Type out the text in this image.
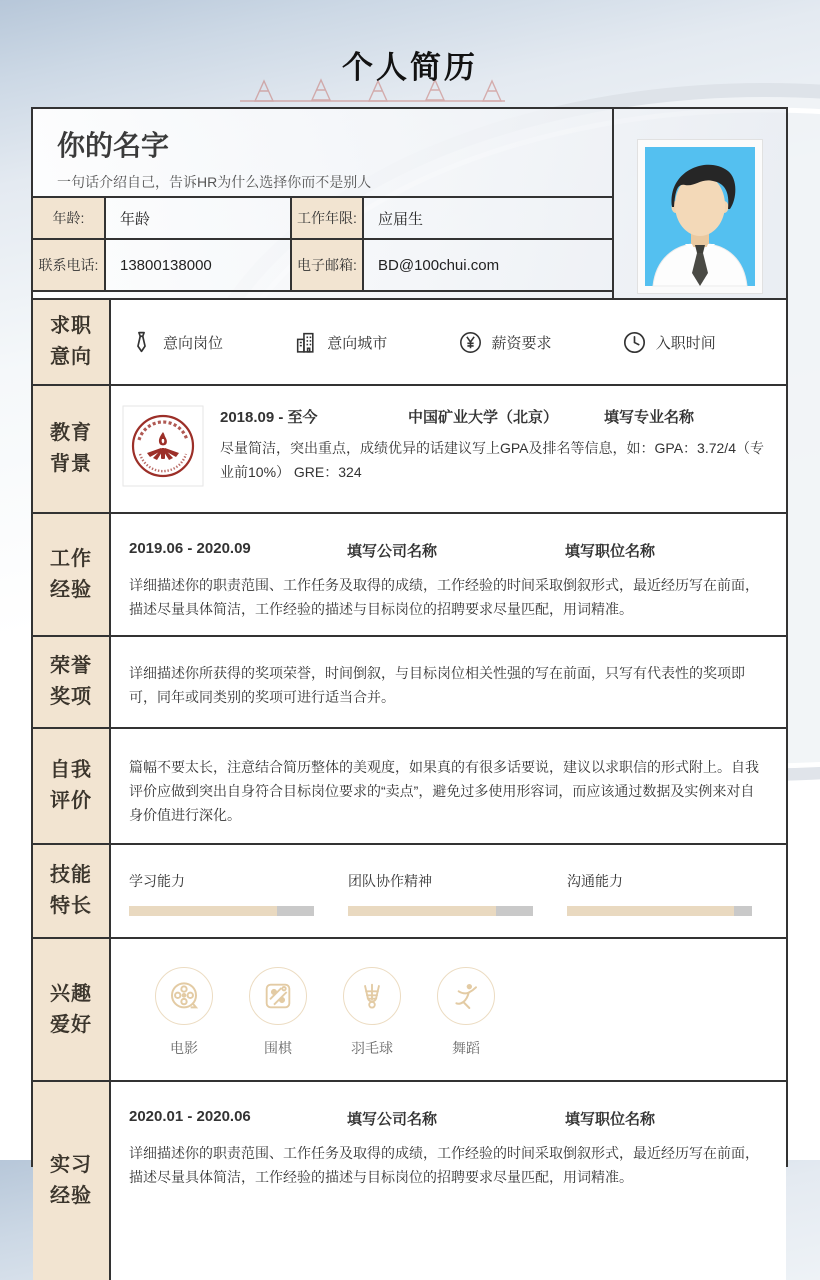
个人简历
你的名字
一句话介绍自己，告诉HR为什么选择你而不是别人
年龄:	年龄	工作年限:	应届生
联系电话:	13800138000	电子邮箱:	BD@100chui.com
求职
意向
意向岗位	意向城市	薪资要求	入职时间
教育
背景
2018.09 - 至今	中国矿业大学（北京）	填写专业名称
尽量简洁，突出重点，成绩优异的话建议写上GPA及排名等信息，如：GPA：3.72/4（专业前10%） GRE：324
工作
经验
2019.06 - 2020.09	填写公司名称	填写职位名称
详细描述你的职责范围、工作任务及取得的成绩，工作经验的时间采取倒叙形式，最近经历写在前面，描述尽量具体简洁，工作经验的描述与目标岗位的招聘要求尽量匹配，用词精准。
荣誉
奖项
详细描述你所获得的奖项荣誉，时间倒叙，与目标岗位相关性强的写在前面，只写有代表性的奖项即可，同年或同类别的奖项可进行适当合并。
自我
评价
篇幅不要太长，注意结合简历整体的美观度，如果真的有很多话要说，建议以求职信的形式附上。自我评价应做到突出自身符合目标岗位要求的“卖点”，避免过多使用形容词，而应该通过数据及实例来对自身价值进行深化。
技能
特长
学习能力	团队协作精神	沟通能力
兴趣
爱好
电影	围棋	羽毛球	舞蹈
实习
经验
2020.01 - 2020.06	填写公司名称	填写职位名称
详细描述你的职责范围、工作任务及取得的成绩，工作经验的时间采取倒叙形式，最近经历写在前面，描述尽量具体简洁，工作经验的描述与目标岗位的招聘要求尽量匹配，用词精准。
